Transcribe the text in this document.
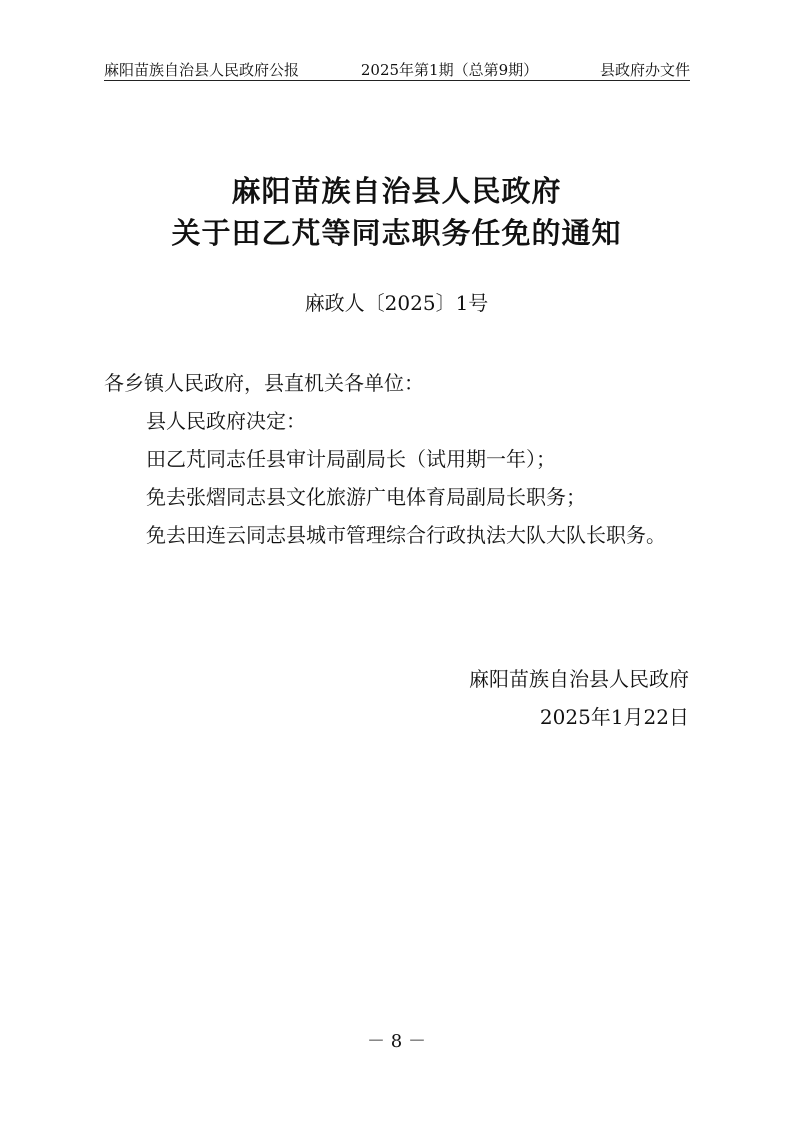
麻阳苗族自治县人民政府公报	2025年第1期（总第9期）	县政府办文件
麻阳苗族自治县人民政府
关于田乙芃等同志职务任免的通知
麻政人〔2025〕1号

各乡镇人民政府，县直机关各单位：

县人民政府决定：

田乙芃同志任县审计局副局长（试用期一年）；

免去张熠同志县文化旅游广电体育局副局长职务；

免去田连云同志县城市管理综合行政执法大队大队长职务。

麻阳苗族自治县人民政府

2025年1月22日

－ 8 －
